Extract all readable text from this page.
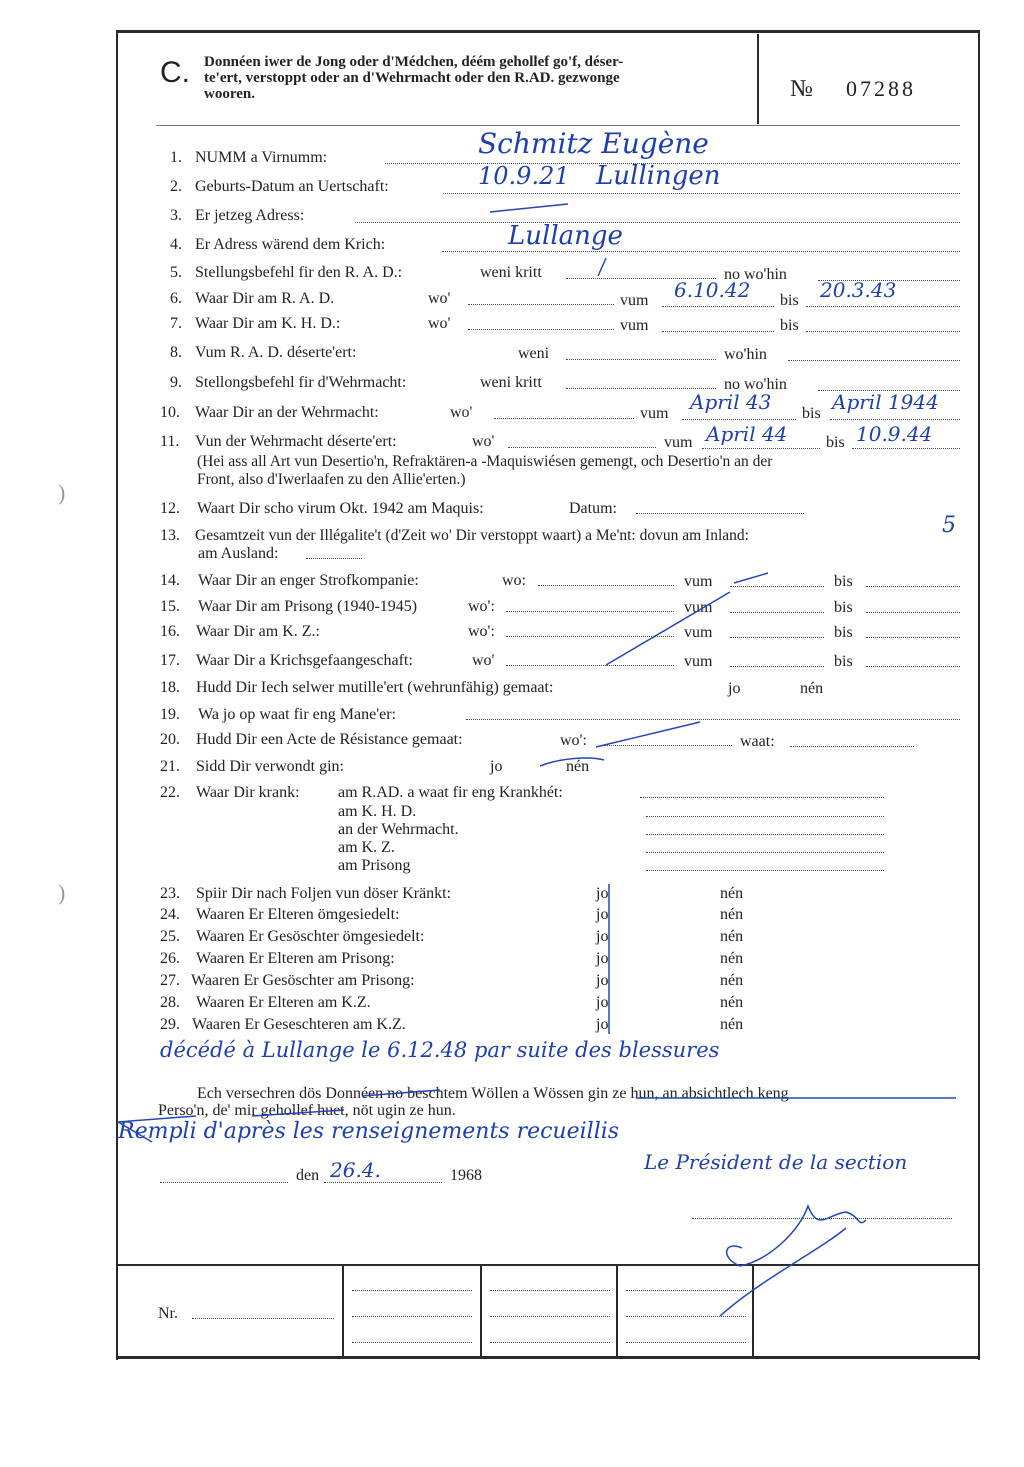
C. Donnéen iwer de Jong oder d'Médchen, déém gehollef go'f, déser-
te'ert, verstoppt oder an d'Wehrmacht oder den R.AD. gezwonge
wooren.	№ 07288
1. NUMM a Virnumm:	Schmitz Eugène
2. Geburts-Datum an Uertschaft:	10.9.21 Lullingen
3. Er jetzeg Adress:
4. Er Adress wärend dem Krich:	Lullange
5. Stellungsbefehl fir den R. A. D.:	weni kritt	no wo'hin
6. Waar Dir am R. A. D.	wo'	vum 6.10.42 bis 20.3.43
7. Waar Dir am K. H. D.:	wo'	vum	bis
8. Vum R. A. D. déserte'ert:	weni	wo'hin
9. Stellongsbefehl fir d'Wehrmacht:	weni kritt	no wo'hin
10. Waar Dir an der Wehrmacht:	wo'	vum April 43 bis April 1944
11. Vun der Wehrmacht déserte'ert:	wo'	vum April 44 bis 10.9.44
(Hei ass all Art vun Desertio'n, Refraktären-a -Maquiswiésen gemengt, och Desertio'n an der
Front, also d'Iwerlaafen zu den Allie'erten.)
12. Waart Dir scho virum Okt. 1942 am Maquis:	Datum:
13. Gesamtzeit vun der Illégalite't (d'Zeit wo' Dir verstoppt waart) a Me'nt: dovun am Inland:	5
am Ausland:
14. Waar Dir an enger Strofkompanie:	wo:	vum	bis
15. Waar Dir am Prisong (1940-1945)	wo':	vum	bis
16. Waar Dir am K. Z.:	wo':	vum	bis
17. Waar Dir a Krichsgefaangeschaft:	wo'	vum	bis
18. Hudd Dir Iech selwer mutille'ert (wehrunfähig) gemaat:	jo	nén
19. Wa jo op waat fir eng Mane'er:
20. Hudd Dir een Acte de Résistance gemaat:	wo':	waat:
21. Sidd Dir verwondt gin:	jo	nén
22. Waar Dir krank: am R.AD. a waat fir eng Krankhét:
am K. H. D.
an der Wehrmacht.
am K. Z.
am Prisong
23. Spiir Dir nach Foljen vun döser Kränkt:	jo	nén
24. Waaren Er Elteren ömgesiedelt:	jo	nén
25. Waaren Er Gesöschter ömgesiedelt:	jo	nén
26. Waaren Er Elteren am Prisong:	jo	nén
27. Waaren Er Gesöschter am Prisong:	jo	nén
28. Waaren Er Elteren am K.Z.	jo	nén
29. Waaren Er Geseschteren am K.Z.	jo	nén
décédé à Lullange le 6.12.48 par suite des blessures
Ech versechren dös Donnéen no beschtem Wöllen a Wössen gin ze hun, an absichtlech keng
Perso'n, de' mir gehollef huet, nöt ugin ze hun.
Rempli d'après les renseignements recueillis
den 26.4.	1968
Le Président de la section
Nr.
)
)
